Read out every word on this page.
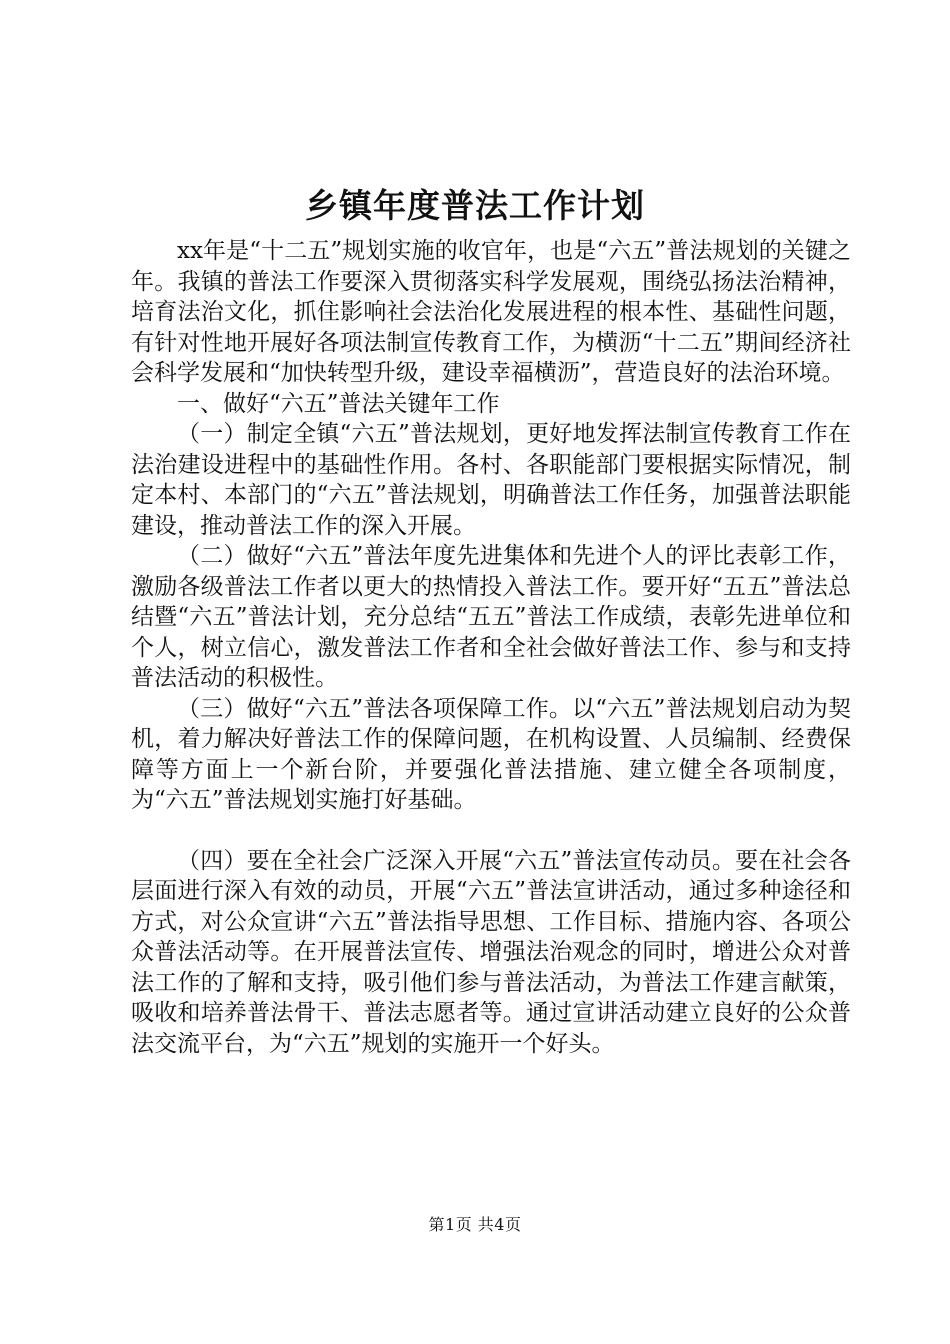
乡镇年度普法工作计划

xx年是“十二五”规划实施的收官年，也是“六五”普法规划的关键之年。我镇的普法工作要深入贯彻落实科学发展观，围绕弘扬法治精神，培育法治文化，抓住影响社会法治化发展进程的根本性、基础性问题，有针对性地开展好各项法制宣传教育工作，为横沥“十二五”期间经济社会科学发展和“加快转型升级，建设幸福横沥”，营造良好的法治环境。

一、做好“六五”普法关键年工作

（一）制定全镇“六五”普法规划，更好地发挥法制宣传教育工作在法治建设进程中的基础性作用。各村、各职能部门要根据实际情况，制定本村、本部门的“六五”普法规划，明确普法工作任务，加强普法职能建设，推动普法工作的深入开展。

（二）做好“六五”普法年度先进集体和先进个人的评比表彰工作，激励各级普法工作者以更大的热情投入普法工作。要开好“五五”普法总结暨“六五”普法计划，充分总结“五五”普法工作成绩，表彰先进单位和个人，树立信心，激发普法工作者和全社会做好普法工作、参与和支持普法活动的积极性。

（三）做好“六五”普法各项保障工作。以“六五”普法规划启动为契机，着力解决好普法工作的保障问题，在机构设置、人员编制、经费保障等方面上一个新台阶，并要强化普法措施、建立健全各项制度，为“六五”普法规划实施打好基础。

（四）要在全社会广泛深入开展“六五”普法宣传动员。要在社会各层面进行深入有效的动员，开展“六五”普法宣讲活动，通过多种途径和方式，对公众宣讲“六五”普法指导思想、工作目标、措施内容、各项公众普法活动等。在开展普法宣传、增强法治观念的同时，增进公众对普法工作的了解和支持，吸引他们参与普法活动，为普法工作建言献策，吸收和培养普法骨干、普法志愿者等。通过宣讲活动建立良好的公众普法交流平台，为“六五”规划的实施开一个好头。

第1页 共4页
